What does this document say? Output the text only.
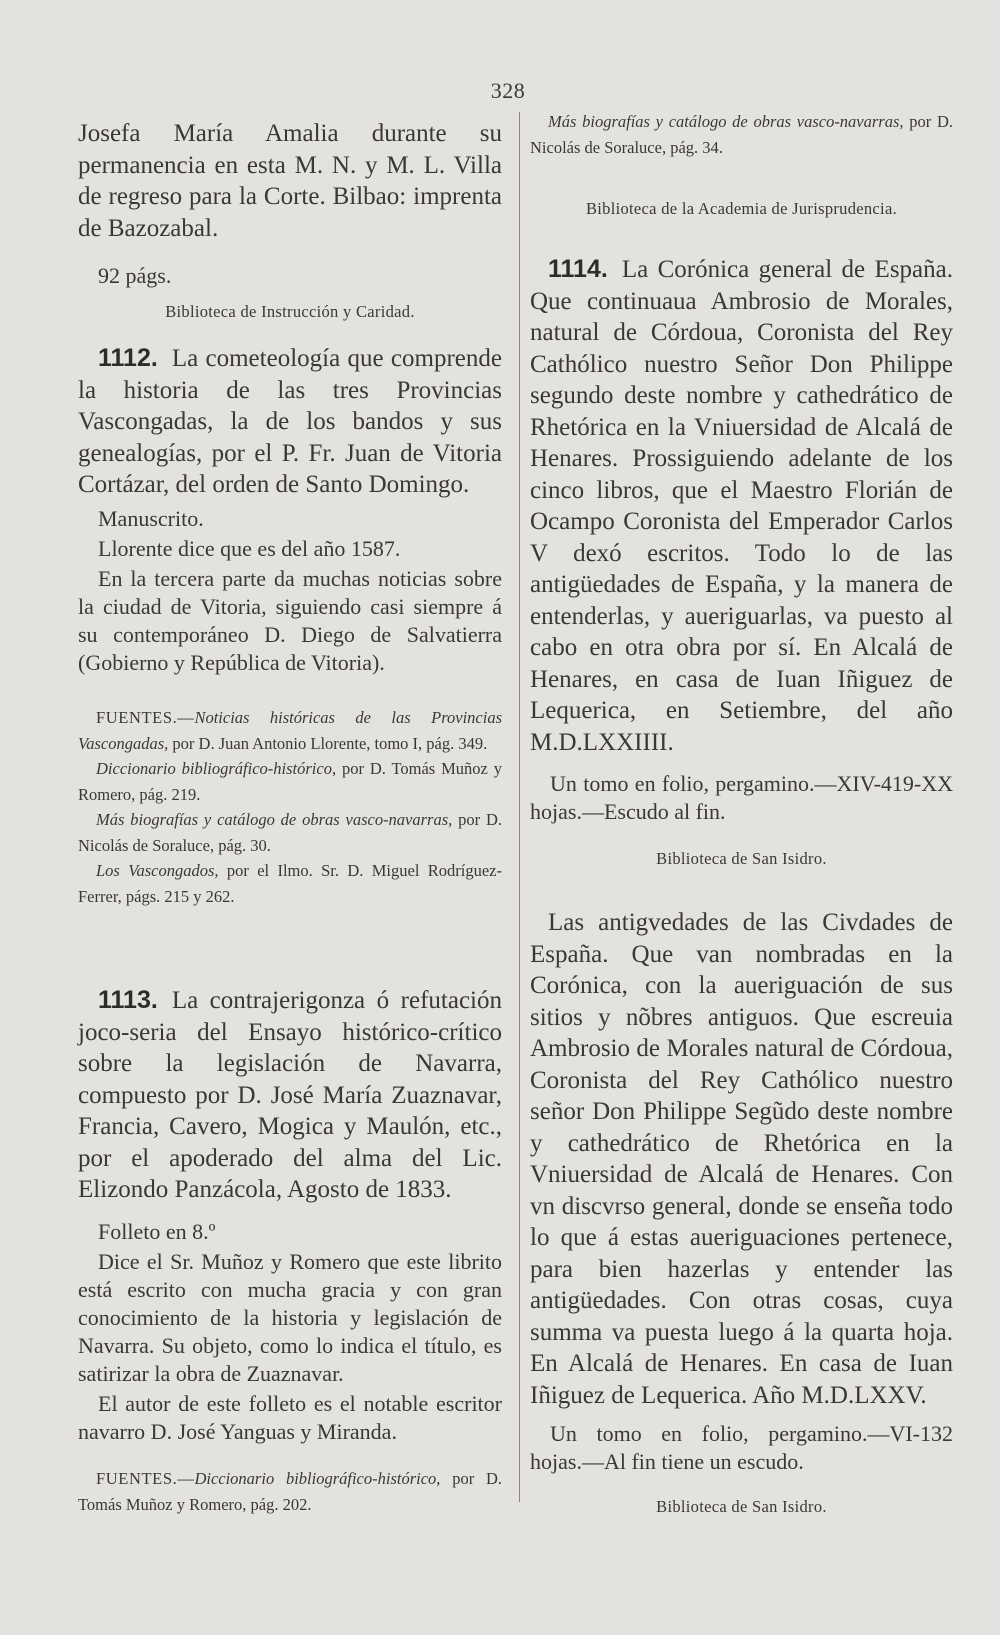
328

Josefa María Amalia durante su permanencia en esta M. N. y M. L. Villa de regreso para la Corte. Bilbao: imprenta de Bazozabal.

92 págs.

Biblioteca de Instrucción y Caridad.

1112. La cometeología que comprende la historia de las tres Provincias Vascongadas, la de los bandos y sus genealogías, por el P. Fr. Juan de Vitoria Cortázar, del orden de Santo Domingo.

Manuscrito.

Llorente dice que es del año 1587.

En la tercera parte da muchas noticias sobre la ciudad de Vitoria, siguiendo casi siempre á su contemporáneo D. Diego de Salvatierra (Gobierno y República de Vitoria).

FUENTES.—Noticias históricas de las Provincias Vascongadas, por D. Juan Antonio Llorente, tomo I, pág. 349.

Diccionario bibliográfico-histórico, por D. Tomás Muñoz y Romero, pág. 219.

Más biografías y catálogo de obras vasco-navarras, por D. Nicolás de Soraluce, pág. 30.

Los Vascongados, por el Ilmo. Sr. D. Miguel Rodríguez-Ferrer, págs. 215 y 262.

1113. La contrajerigonza ó refutación joco-seria del Ensayo histórico-crítico sobre la legislación de Navarra, compuesto por D. José María Zuaznavar, Francia, Cavero, Mogica y Maulón, etc., por el apoderado del alma del Lic. Elizondo Panzácola, Agosto de 1833.

Folleto en 8.º

Dice el Sr. Muñoz y Romero que este librito está escrito con mucha gracia y con gran conocimiento de la historia y legislación de Navarra. Su objeto, como lo indica el título, es satirizar la obra de Zuaznavar.

El autor de este folleto es el notable escritor navarro D. José Yanguas y Miranda.

FUENTES.—Diccionario bibliográfico-histórico, por D. Tomás Muñoz y Romero, pág. 202.

Más biografías y catálogo de obras vasco-navarras, por D. Nicolás de Soraluce, pág. 34.

Biblioteca de la Academia de Jurisprudencia.

1114. La Corónica general de España. Que continuaua Ambrosio de Morales, natural de Córdoua, Coronista del Rey Cathólico nuestro Señor Don Philippe segundo deste nombre y cathedrático de Rhetórica en la Vniuersidad de Alcalá de Henares. Prossiguiendo adelante de los cinco libros, que el Maestro Florián de Ocampo Coronista del Emperador Carlos V dexó escritos. Todo lo de las antigüedades de España, y la manera de entenderlas, y aueriguarlas, va puesto al cabo en otra obra por sí. En Alcalá de Henares, en casa de Iuan Iñiguez de Lequerica, en Setiembre, del año M.D.LXXIIII.

Un tomo en folio, pergamino.—XIV-419-XX hojas.—Escudo al fin.

Biblioteca de San Isidro.

Las antigvedades de las Civdades de España. Que van nombradas en la Corónica, con la aueriguación de sus sitios y nõbres antiguos. Que escreuia Ambrosio de Morales natural de Córdoua, Coronista del Rey Cathólico nuestro señor Don Philippe Segũdo deste nombre y cathedrático de Rhetórica en la Vniuersidad de Alcalá de Henares. Con vn discvrso general, donde se enseña todo lo que á estas aueriguaciones pertenece, para bien hazerlas y entender las antigüedades. Con otras cosas, cuya summa va puesta luego á la quarta hoja. En Alcalá de Henares. En casa de Iuan Iñiguez de Lequerica. Año M.D.LXXV.

Un tomo en folio, pergamino.—VI-132 hojas.—Al fin tiene un escudo.

Biblioteca de San Isidro.
